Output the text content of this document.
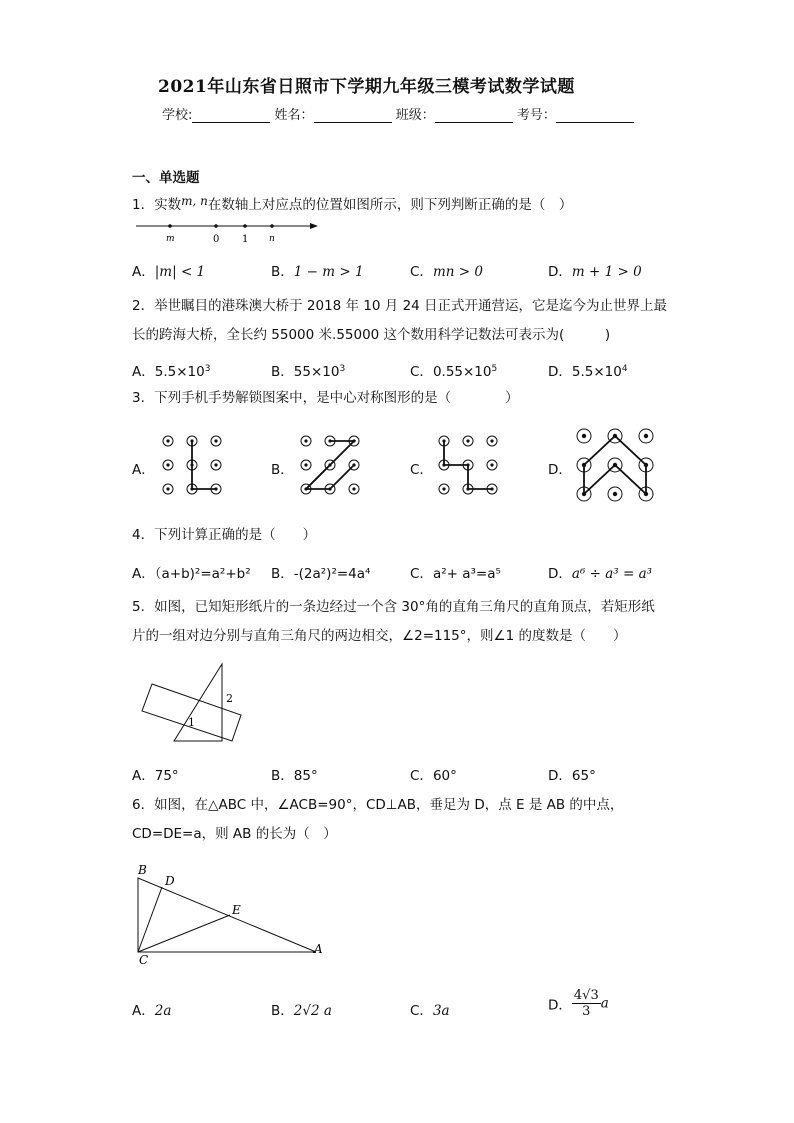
2021年山东省日照市下学期九年级三模考试数学试题
学校:	姓名：	班级：	考号：
一、单选题
1．实数m, n在数轴上对应点的位置如图所示，则下列判断正确的是（　）
m	0 1 n
A．|m| < 1	B．1 − m > 1	C．mn > 0	D．m + 1 > 0
2．举世瞩目的港珠澳大桥于 2018 年 10 月 24 日正式开通营运，它是迄今为止世界上最
长的跨海大桥，全长约 55000 米.55000 这个数用科学记数法可表示为(　　　)
A．$5.5\times 10^3$	B．$55\times 10^3$	C．$0.55\times 10^5$	D．$5.5\times 10^4$
3．下列手机手势解锁图案中，是中心对称图形的是（　　　　）
A．	B．	C．	D．
4．下列计算正确的是（　　）
A．（a+b)²=a²+b² B．-(2a²)²=4a⁴	C．a²+ a³=a⁵	D．a⁶ ÷ a³ = a³
5．如图，已知矩形纸片的一条边经过一个含 30°角的直角三角尺的直角顶点，若矩形纸
片的一组对边分别与直角三角尺的两边相交，∠2=115°，则∠1 的度数是（　　）
1
2
A．75°	B．85°	C．60°	D．65°
6．如图，在△ABC 中，∠ACB=90°，CD⊥AB，垂足为 D，点 E 是 AB 的中点，
CD=DE=a，则 AB 的长为（　）
B
D
E
C
A
A．2a	B．2√2 a	C．3a	D． $\frac{4√3}{3}$ a
